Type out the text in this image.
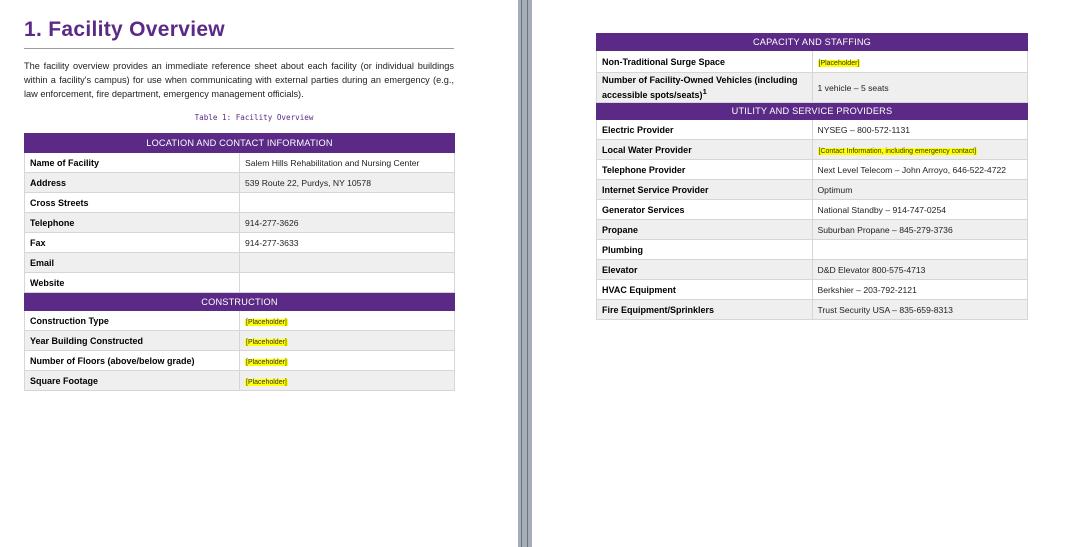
1. Facility Overview

The facility overview provides an immediate reference sheet about each facility (or individual buildings within a facility's campus) for use when communicating with external parties during an emergency (e.g., law enforcement, fire department, emergency management officials).

Table 1: Facility Overview
LOCATION AND CONTACT INFORMATION	
Name of Facility	Salem Hills Rehabilitation and Nursing Center
Address	539 Route 22, Purdys, NY 10578
Cross Streets	
Telephone	914-277-3626
Fax	914-277-3633
Email	
Website	
CONSTRUCTION	
Construction Type	[Placeholder]
Year Building Constructed	[Placeholder]
Number of Floors (above/below grade)	[Placeholder]
Square Footage	[Placeholder]
CAPACITY AND STAFFING	
Non-Traditional Surge Space	[Placeholder]
Number of Facility-Owned Vehicles (including accessible spots/seats)$^1$	1 vehicle – 5 seats
UTILITY AND SERVICE PROVIDERS	
Electric Provider	NYSEG – 800-572-1131
Local Water Provider	[Contact Information, including emergency contact]
Telephone Provider	Next Level Telecom – John Arroyo, 646-522-4722
Internet Service Provider	Optimum
Generator Services	National Standby – 914-747-0254
Propane	Suburban Propane – 845-279-3736
Plumbing	
Elevator	D&D Elevator 800-575-4713
HVAC Equipment	Berkshier – 203-792-2121
Fire Equipment/Sprinklers	Trust Security USA – 835-659-8313
